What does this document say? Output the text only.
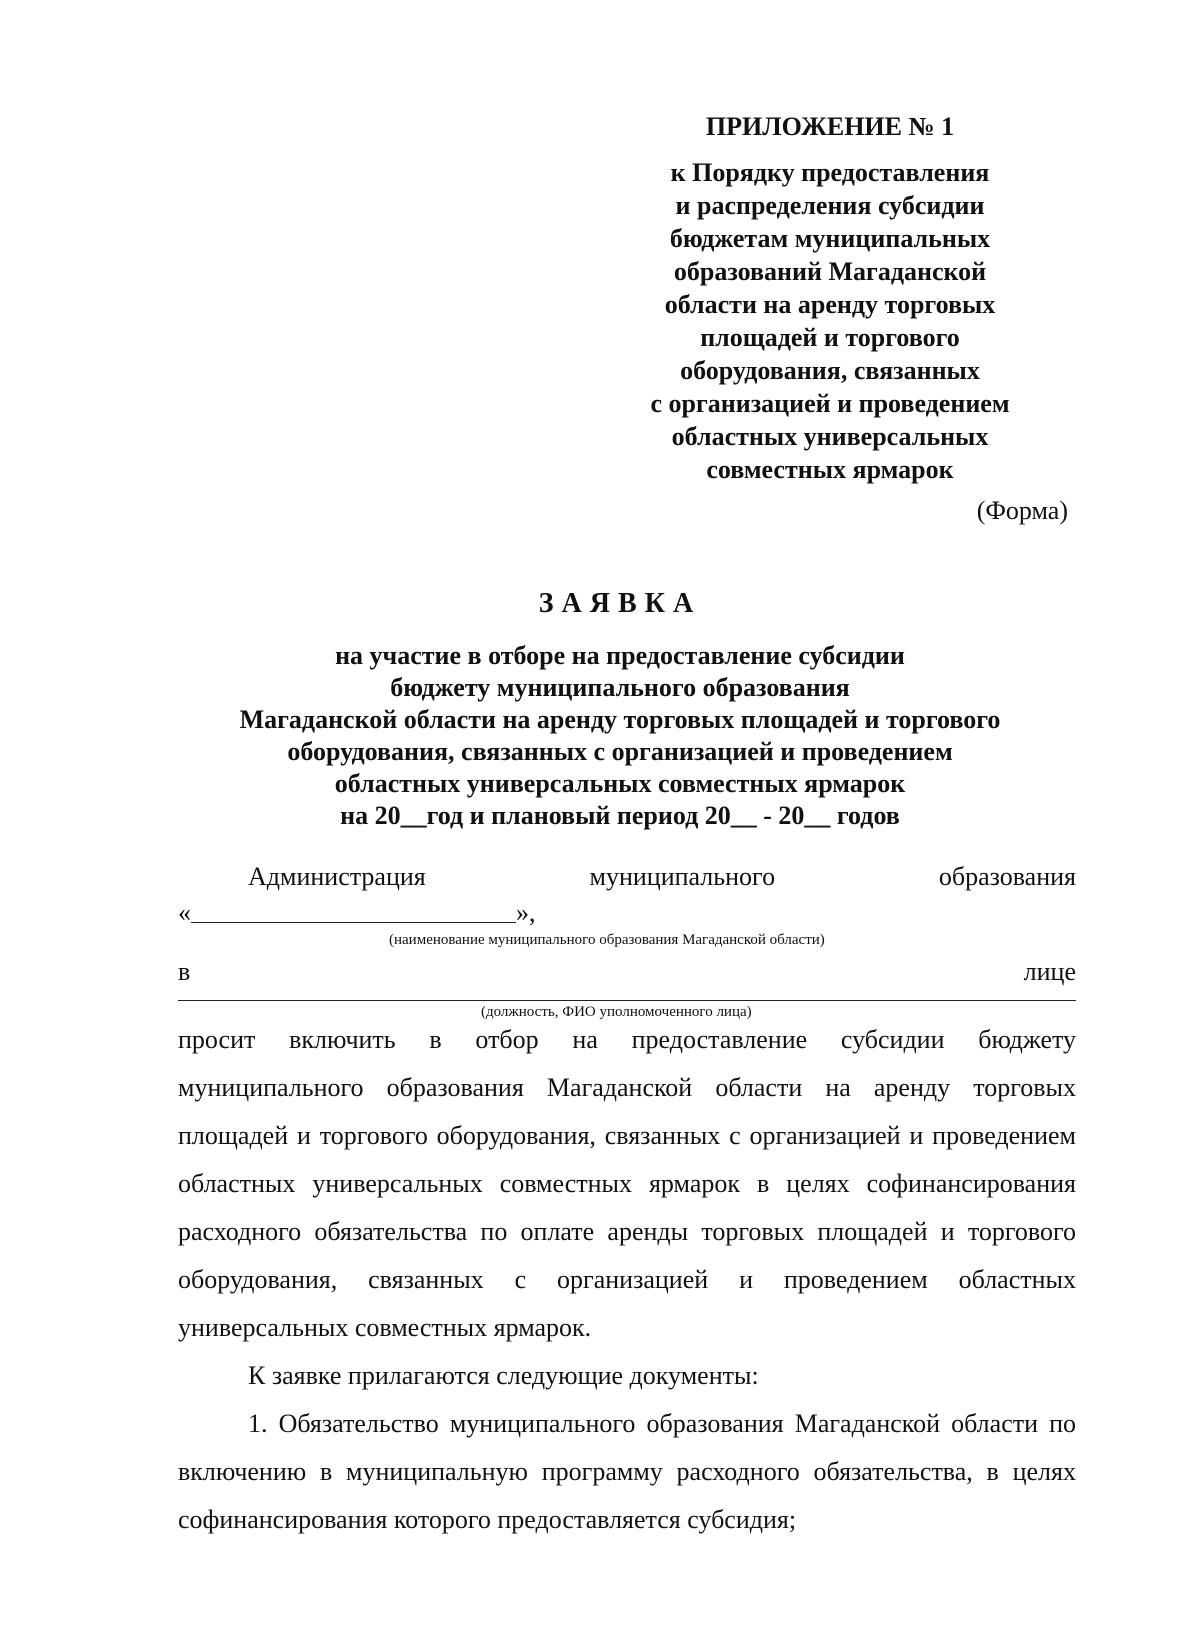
ПРИЛОЖЕНИЕ № 1
к Порядку предоставления
и распределения субсидии
бюджетам муниципальных
образований Магаданской
области на аренду торговых
площадей и торгового
оборудования, связанных
с организацией и проведением
областных универсальных
совместных ярмарок
(Форма)
ЗАЯВКА
на участие в отборе на предоставление субсидии
бюджету муниципального образования
Магаданской области на аренду торговых площадей и торгового
оборудования, связанных с организацией и проведением
областных универсальных совместных ярмарок
на 20__год и плановый период 20__ - 20__ годов
Администрация	муниципального	образования
«	»,
(наименование муниципального образования Магаданской области)
в	лице
(должность, ФИО уполномоченного лица)

просит включить в отбор на предоставление субсидии бюджету муниципального образования Магаданской области на аренду торговых площадей и торгового оборудования, связанных с организацией и проведением областных универсальных совместных ярмарок в целях софинансирования расходного обязательства по оплате аренды торговых площадей и торгового оборудования, связанных с организацией и проведением областных универсальных совместных ярмарок.

К заявке прилагаются следующие документы:

1. Обязательство муниципального образования Магаданской области по включению в муниципальную программу расходного обязательства, в целях софинансирования которого предоставляется субсидия;
